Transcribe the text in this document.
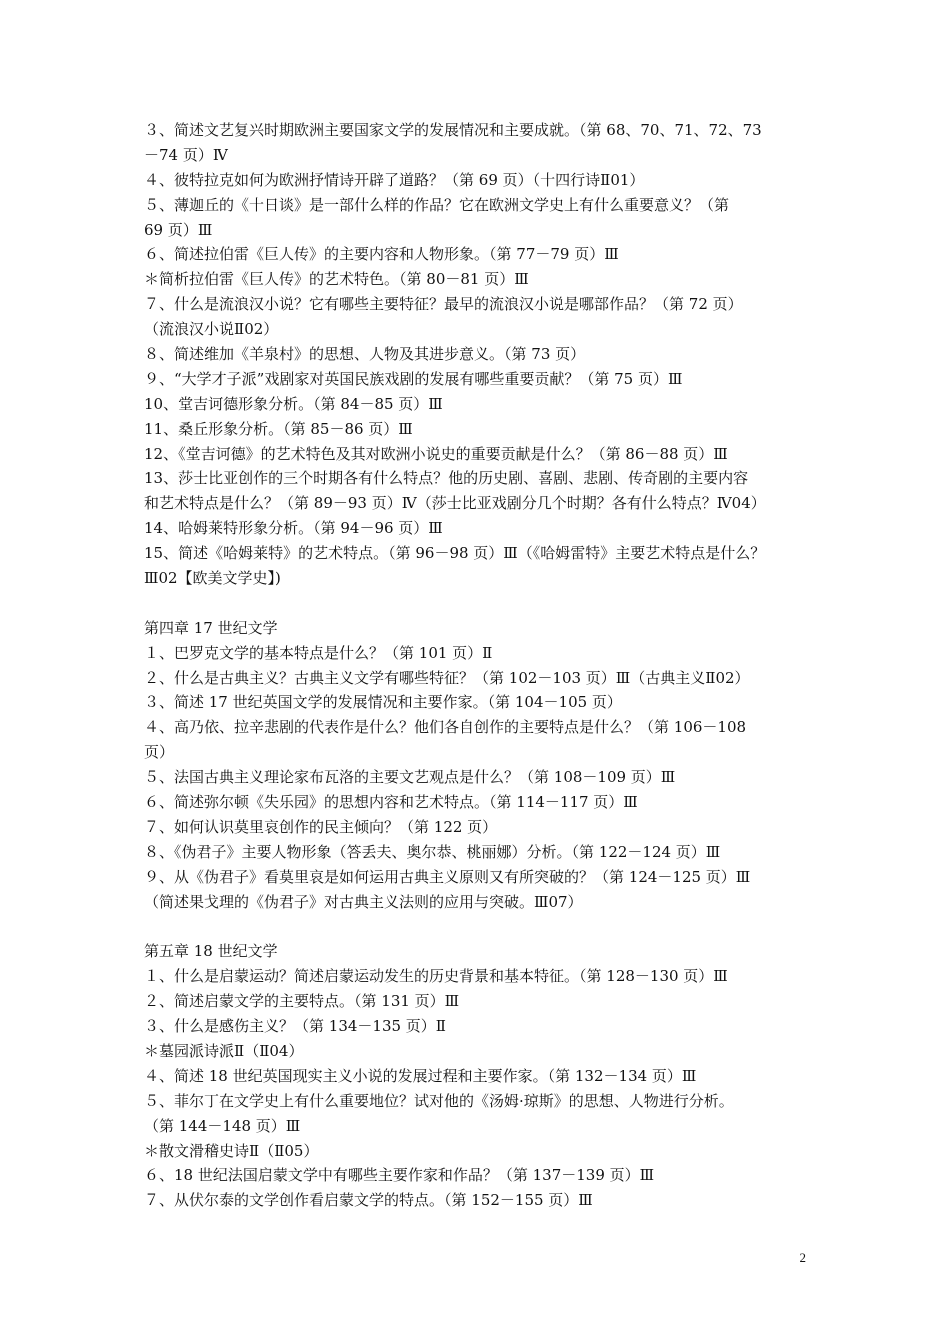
３、简述文艺复兴时期欧洲主要国家文学的发展情况和主要成就。（第 68、70、71、72、73
－74 页）Ⅳ
４、彼特拉克如何为欧洲抒情诗开辟了道路？（第 69 页）（十四行诗Ⅱ01）
５、薄迦丘的《十日谈》是一部什么样的作品？它在欧洲文学史上有什么重要意义？（第
69 页）Ⅲ
６、简述拉伯雷《巨人传》的主要内容和人物形象。（第 77－79 页）Ⅲ
＊简析拉伯雷《巨人传》的艺术特色。（第 80－81 页）Ⅲ
７、什么是流浪汉小说？它有哪些主要特征？最早的流浪汉小说是哪部作品？（第 72 页）
（流浪汉小说Ⅱ02）
８、简述维加《羊泉村》的思想、人物及其进步意义。（第 73 页）
９、“大学才子派”戏剧家对英国民族戏剧的发展有哪些重要贡献？（第 75 页）Ⅲ
10、堂吉诃德形象分析。（第 84－85 页）Ⅲ
11、桑丘形象分析。（第 85－86 页）Ⅲ
12、《堂吉诃德》的艺术特色及其对欧洲小说史的重要贡献是什么？（第 86－88 页）Ⅲ
13、莎士比亚创作的三个时期各有什么特点？他的历史剧、喜剧、悲剧、传奇剧的主要内容
和艺术特点是什么？（第 89－93 页）Ⅳ（莎士比亚戏剧分几个时期？各有什么特点？Ⅳ04）
14、哈姆莱特形象分析。（第 94－96 页）Ⅲ
15、简述《哈姆莱特》的艺术特点。（第 96－98 页）Ⅲ（《哈姆雷特》主要艺术特点是什么？
Ⅲ02【欧美文学史】)
第四章 17 世纪文学
１、巴罗克文学的基本特点是什么？（第 101 页）Ⅱ
２、什么是古典主义？古典主义文学有哪些特征？（第 102－103 页）Ⅲ（古典主义Ⅱ02）
３、简述 17 世纪英国文学的发展情况和主要作家。（第 104－105 页）
４、高乃依、拉辛悲剧的代表作是什么？他们各自创作的主要特点是什么？（第 106－108
页）
５、法国古典主义理论家布瓦洛的主要文艺观点是什么？（第 108－109 页）Ⅲ
６、简述弥尔顿《失乐园》的思想内容和艺术特点。（第 114－117 页）Ⅲ
７、如何认识莫里哀创作的民主倾向？（第 122 页）
８、《伪君子》主要人物形象（答丢夫、奥尔恭、桃丽娜）分析。（第 122－124 页）Ⅲ
９、从《伪君子》看莫里哀是如何运用古典主义原则又有所突破的？（第 124－125 页）Ⅲ
（简述果戈理的《伪君子》对古典主义法则的应用与突破。Ⅲ07）
第五章 18 世纪文学
１、什么是启蒙运动？简述启蒙运动发生的历史背景和基本特征。（第 128－130 页）Ⅲ
２、简述启蒙文学的主要特点。（第 131 页）Ⅲ
３、什么是感伤主义？（第 134－135 页）Ⅱ
＊墓园派诗派Ⅱ（Ⅱ04）
４、简述 18 世纪英国现实主义小说的发展过程和主要作家。（第 132－134 页）Ⅲ
５、菲尔丁在文学史上有什么重要地位？试对他的《汤姆·琼斯》的思想、人物进行分析。
（第 144－148 页）Ⅲ
＊散文滑稽史诗Ⅱ（Ⅱ05）
６、18 世纪法国启蒙文学中有哪些主要作家和作品？（第 137－139 页）Ⅲ
７、从伏尔泰的文学创作看启蒙文学的特点。（第 152－155 页）Ⅲ
2
